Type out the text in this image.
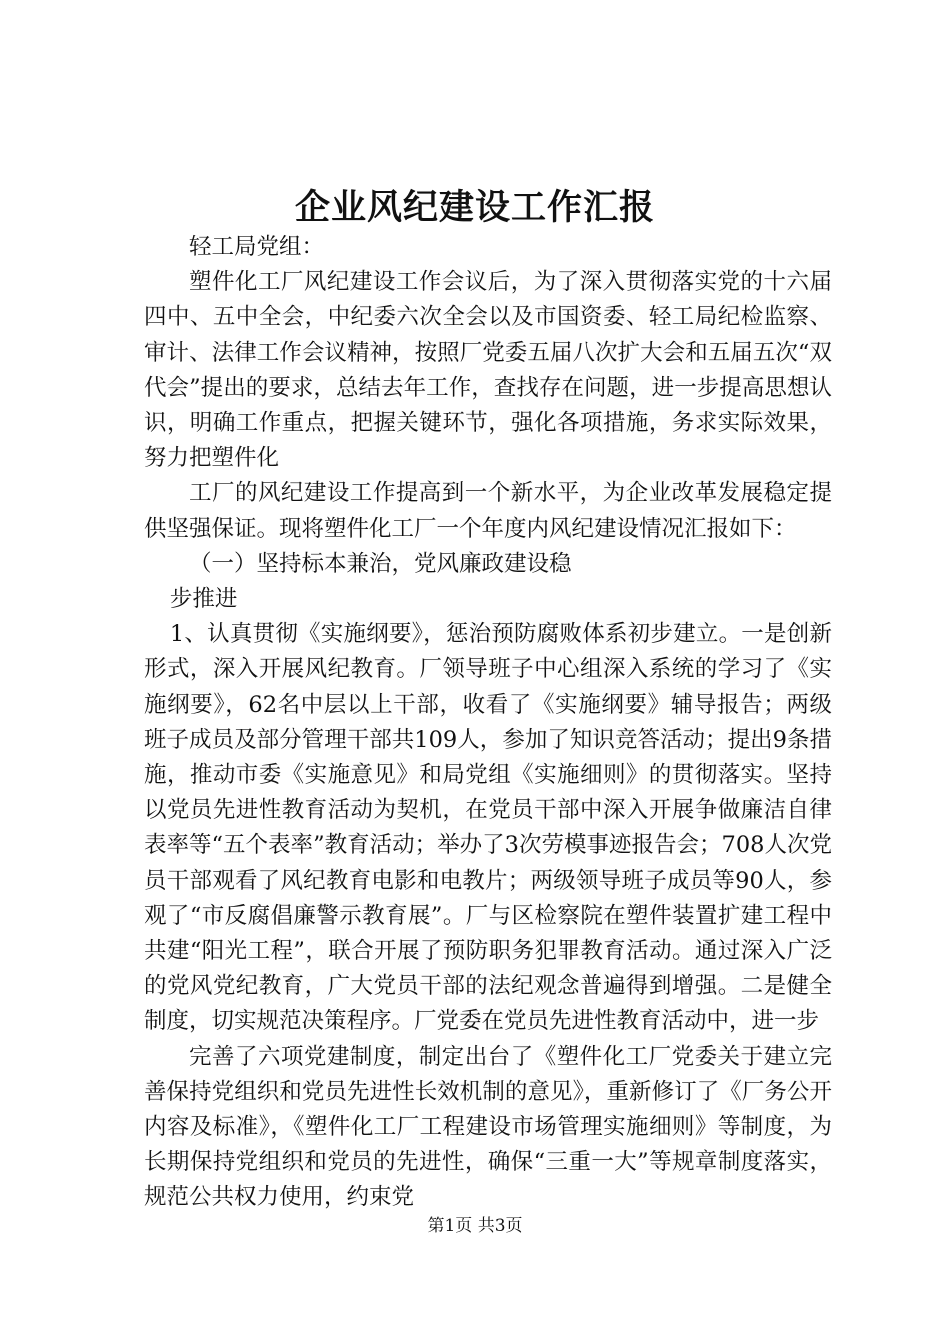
企业风纪建设工作汇报

轻工局党组：

塑件化工厂风纪建设工作会议后，为了深入贯彻落实党的十六届四中、五中全会，中纪委六次全会以及市国资委、轻工局纪检监察、审计、法律工作会议精神，按照厂党委五届八次扩大会和五届五次“双代会”提出的要求，总结去年工作，查找存在问题，进一步提高思想认识，明确工作重点，把握关键环节，强化各项措施，务求实际效果，努力把塑件化

工厂的风纪建设工作提高到一个新水平，为企业改革发展稳定提供坚强保证。现将塑件化工厂一个年度内风纪建设情况汇报如下：

（一）坚持标本兼治，党风廉政建设稳

步推进

1、认真贯彻《实施纲要》，惩治预防腐败体系初步建立。一是创新形式，深入开展风纪教育。厂领导班子中心组深入系统的学习了《实施纲要》，62名中层以上干部，收看了《实施纲要》辅导报告；两级班子成员及部分管理干部共109人，参加了知识竞答活动；提出9条措施，推动市委《实施意见》和局党组《实施细则》的贯彻落实。坚持以党员先进性教育活动为契机，在党员干部中深入开展争做廉洁自律表率等“五个表率”教育活动；举办了3次劳模事迹报告会；708人次党员干部观看了风纪教育电影和电教片；两级领导班子成员等90人，参观了“市反腐倡廉警示教育展”。厂与区检察院在塑件装置扩建工程中共建“阳光工程”，联合开展了预防职务犯罪教育活动。通过深入广泛的党风党纪教育，广大党员干部的法纪观念普遍得到增强。二是健全制度，切实规范决策程序。厂党委在党员先进性教育活动中，进一步

完善了六项党建制度，制定出台了《塑件化工厂党委关于建立完善保持党组织和党员先进性长效机制的意见》，重新修订了《厂务公开内容及标准》，《塑件化工厂工程建设市场管理实施细则》等制度，为长期保持党组织和党员的先进性，确保“三重一大”等规章制度落实，规范公共权力使用，约束党

第1页 共3页
